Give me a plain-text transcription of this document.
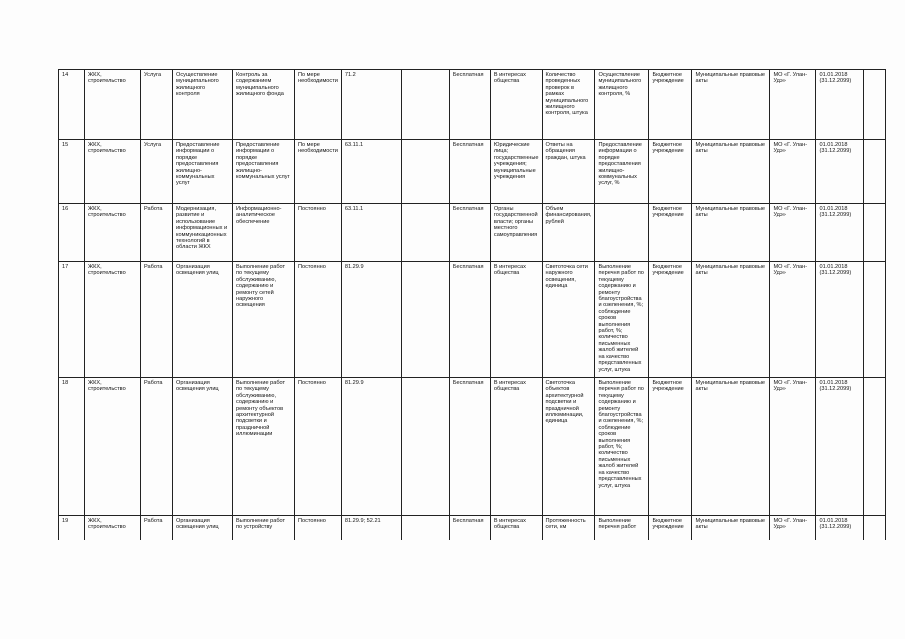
14	ЖКХ, строительство	Услуга	Осуществление муниципального жилищного контроля	Контроль за содержанием муниципального жилищного фонда	По мере необходимости	71.2		Бесплатная	В интересах общества	Количество проведенных проверок в рамках муниципального жилищного контроля, штука	Осуществление муниципального жилищного контроля, %	Бюджетное учреждение	Муниципальные правовые акты	МО «Г. Улан-Удэ»	01.01.2018 (31.12.2099)	
15	ЖКХ, строительство	Услуга	Предоставление информации о порядке предоставления жилищно-коммунальных услуг	Предоставление информации о порядке предоставления жилищно-коммунальных услуг	По мере необходимости	63.11.1		Бесплатная	Юридические лица; государственные учреждения; муниципальные учреждения	Ответы на обращения граждан, штука	Предоставление информации о порядке предоставления жилищно-коммунальных услуг, %	Бюджетное учреждение	Муниципальные правовые акты	МО «Г. Улан-Удэ»	01.01.2018 (31.12.2099)	
16	ЖКХ, строительство	Работа	Модернизация, развитие и использование информационных и коммуникационных технологий в области ЖКХ	Информационно-аналитическое обеспечение	Постоянно	63.11.1		Бесплатная	Органы государственной власти; органы местного самоуправления	Объем финансирования, рублей		Бюджетное учреждение	Муниципальные правовые акты	МО «Г. Улан-Удэ»	01.01.2018 (31.12.2099)	
17	ЖКХ, строительство	Работа	Организация освещения улиц	Выполнение работ по текущему обслуживанию, содержанию и ремонту сетей наружного освещения	Постоянно	81.29.9		Бесплатная	В интересах общества	Светоточка сети наружного освещения, единица	Выполнение перечня работ по текущему содержанию и ремонту благоустройства и озеленения, %; соблюдение сроков выполнения работ, %; количество письменных жалоб жителей на качество представленных услуг, штука	Бюджетное учреждение	Муниципальные правовые акты	МО «Г. Улан-Удэ»	01.01.2018 (31.12.2099)	
18	ЖКХ, строительство	Работа	Организация освещения улиц	Выполнение работ по текущему обслуживанию, содержанию и ремонту объектов архитектурной подсветки и праздничной иллюминации	Постоянно	81.29.9		Бесплатная	В интересах общества	Светоточка объектов архитектурной подсветки и праздничной иллюминации, единица	Выполнение перечня работ по текущему содержанию и ремонту благоустройства и озеленения, %; соблюдение сроков выполнения работ, %; количество письменных жалоб жителей на качество представленных услуг, штука	Бюджетное учреждение	Муниципальные правовые акты	МО «Г. Улан-Удэ»	01.01.2018 (31.12.2099)	
19	ЖКХ, строительство	Работа	Организация освещения улиц	Выполнение работ по устройству	Постоянно	81.29.9; 52.21		Бесплатная	В интересах общества	Протяженность сети, км	Выполнение перечня работ	Бюджетное учреждение	Муниципальные правовые акты	МО «Г. Улан-Удэ»	01.01.2018 (31.12.2099)	
